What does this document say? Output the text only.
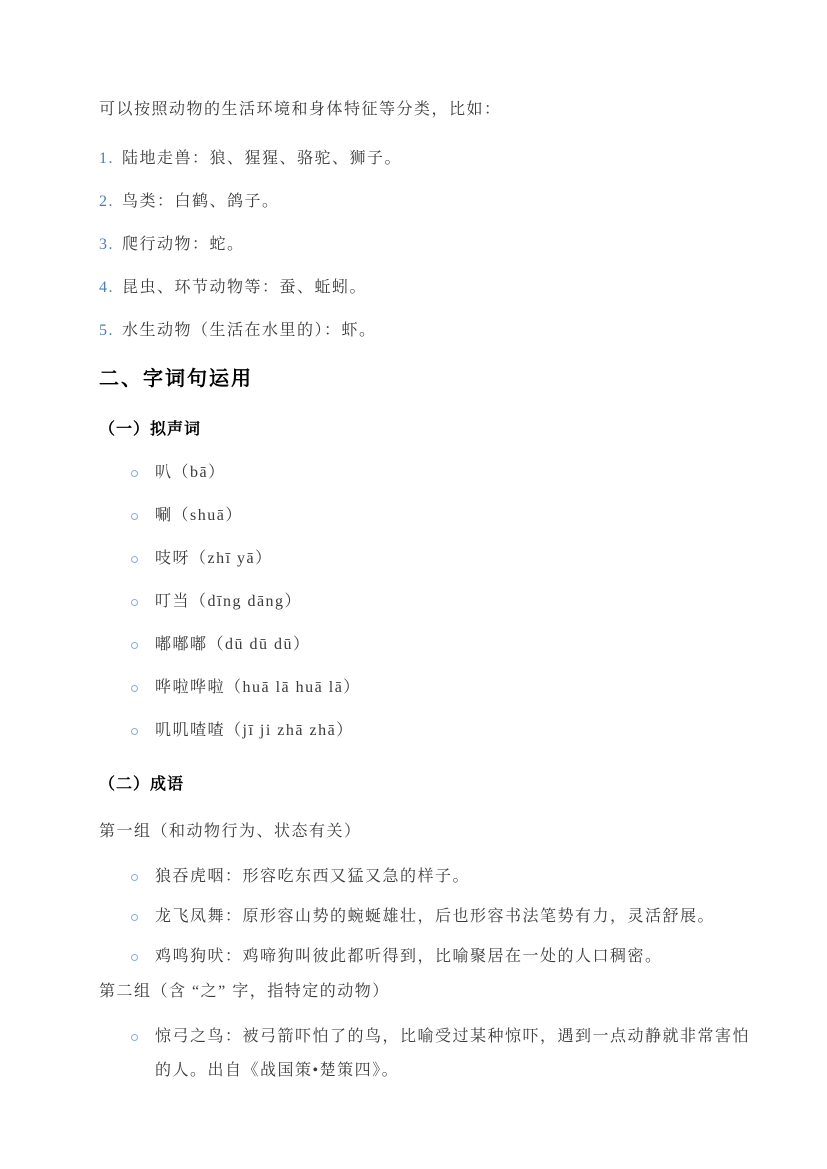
可以按照动物的生活环境和身体特征等分类，比如：

1. 陆地走兽：狼、猩猩、骆驼、狮子。
2. 鸟类：白鹤、鸽子。
3. 爬行动物：蛇。
4. 昆虫、环节动物等：蚕、蚯蚓。
5. 水生动物（生活在水里的）：虾。
二、字词句运用
（一）拟声词
叭（bā）
唰（shuā）
吱呀（zhī yā）
叮当（dīng dāng）
嘟嘟嘟（dū dū dū）
哗啦哗啦（huā lā huā lā）
叽叽喳喳（jī ji zhā zhā）
（二）成语

第一组（和动物行为、状态有关）

狼吞虎咽：形容吃东西又猛又急的样子。
龙飞凤舞：原形容山势的蜿蜒雄壮，后也形容书法笔势有力，灵活舒展。
鸡鸣狗吠：鸡啼狗叫彼此都听得到，比喻聚居在一处的人口稠密。

第二组（含 “之” 字，指特定的动物）

惊弓之鸟：被弓箭吓怕了的鸟，比喻受过某种惊吓，遇到一点动静就非常害怕的人。出自《战国策•楚策四》。
